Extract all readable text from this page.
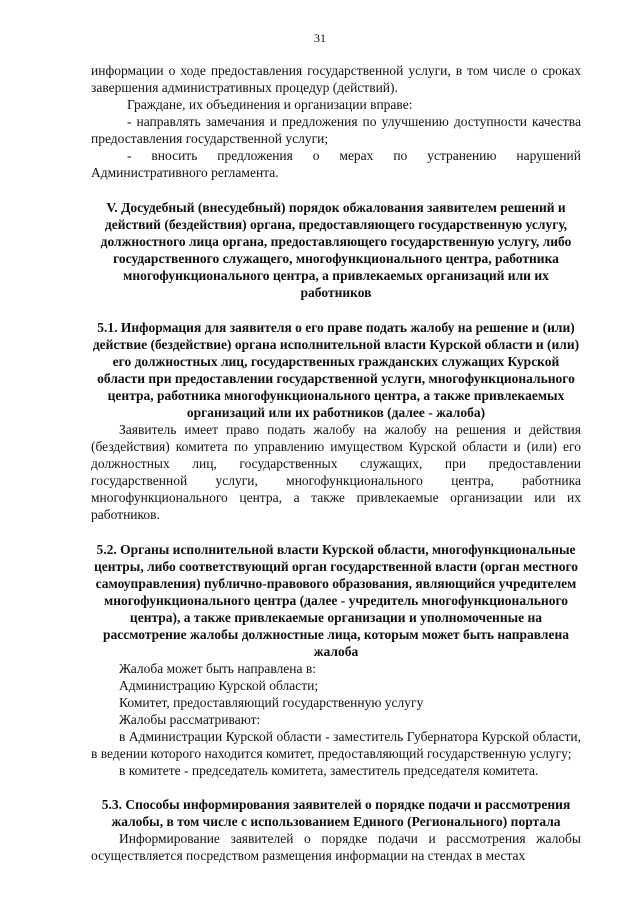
31

информации о ходе предоставления государственной услуги, в том числе о сроках завершения административных процедур (действий).

Граждане, их объединения и организации вправе:

- направлять замечания и предложения по улучшению доступности качества предоставления государственной услуги;

- вносить предложения о мерах по устранению нарушений Административного регламента.

V. Досудебный (внесудебный) порядок обжалования заявителем решений и действий (бездействия) органа, предоставляющего государственную услугу, должностного лица органа, предоставляющего государственную услугу, либо государственного служащего, многофункционального центра, работника многофункционального центра, а привлекаемых организаций или их работников
5.1. Информация для заявителя о его праве подать жалобу на решение и (или) действие (бездействие) органа исполнительной власти Курской области и (или) его должностных лиц, государственных гражданских служащих Курской области при предоставлении государственной услуги, многофункционального центра, работника многофункционального центра, а также привлекаемых организаций или их работников (далее - жалоба)

Заявитель имеет право подать жалобу на жалобу на решения и действия (бездействия) комитета по управлению имуществом Курской области и (или) его должностных лиц, государственных служащих, при предоставлении государственной услуги, многофункционального центра, работника многофункционального центра, а также привлекаемые организации или их работников.

5.2. Органы исполнительной власти Курской области, многофункциональные центры, либо соответствующий орган государственной власти (орган местного самоуправления) публично-правового образования, являющийся учредителем многофункционального центра (далее - учредитель многофункционального центра), а также привлекаемые организации и уполномоченные на рассмотрение жалобы должностные лица, которым может быть направлена жалоба

Жалоба может быть направлена в:

Администрацию Курской области;

Комитет, предоставляющий государственную услугу

Жалобы рассматривают:

в Администрации Курской области - заместитель Губернатора Курской области, в ведении которого находится комитет, предоставляющий государственную услугу;

в комитете - председатель комитета, заместитель председателя комитета.

5.3. Способы информирования заявителей о порядке подачи и рассмотрения жалобы, в том числе с использованием Единого (Регионального) портала

Информирование заявителей о порядке подачи и рассмотрения жалобы осуществляется посредством размещения информации на стендах в местах
